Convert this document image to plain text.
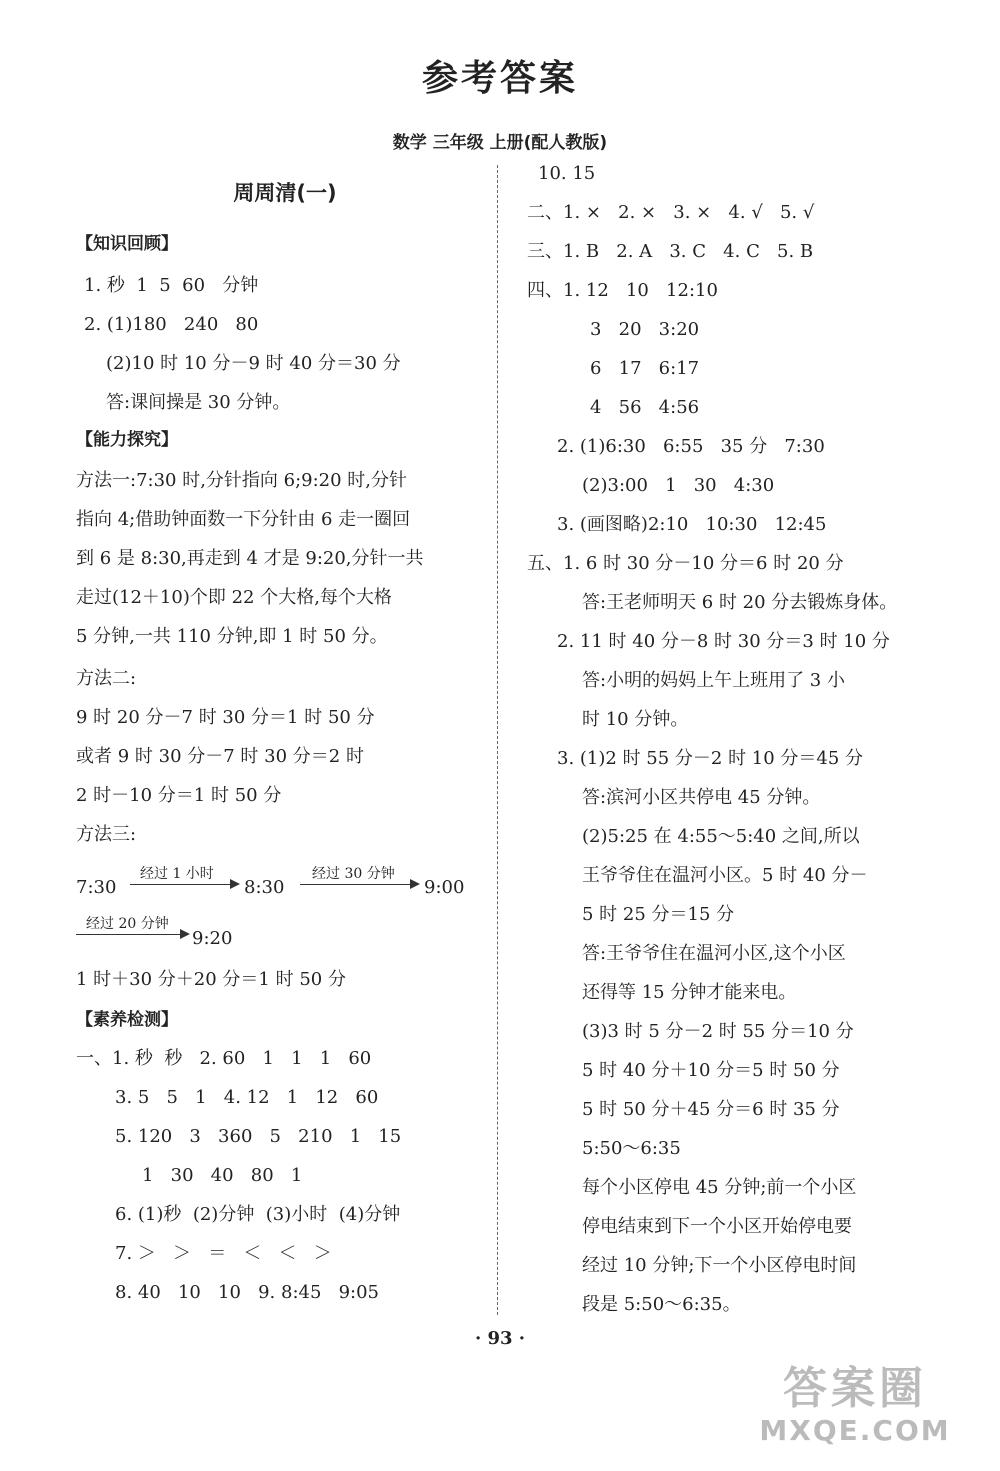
参考答案
数学 三年级 上册(配人教版)
周周清(一)
【知识回顾】
1. 秒  1  5  60   分钟
2. (1)180   240   80
(2)10 时 10 分－9 时 40 分＝30 分
答:课间操是 30 分钟。
【能力探究】
方法一:7:30 时,分针指向 6;9:20 时,分针
指向 4;借助钟面数一下分针由 6 走一圈回
到 6 是 8:30,再走到 4 才是 9:20,分针一共
走过(12＋10)个即 22 个大格,每个大格
5 分钟,一共 110 分钟,即 1 时 50 分。
方法二:
9 时 20 分－7 时 30 分＝1 时 50 分
或者 9 时 30 分－7 时 30 分＝2 时
2 时－10 分＝1 时 50 分
方法三:
7:30
经过 1 小时
8:30
经过 30 分钟
9:00
经过 20 分钟
9:20
1 时＋30 分＋20 分＝1 时 50 分
【素养检测】
一、1. 秒  秒   2. 60   1   1   1   60
3. 5   5   1   4. 12   1   12   60
5. 120   3   360   5   210   1   15
1   30   40   80   1
6. (1)秒  (2)分钟  (3)小时  (4)分钟
7. ＞   ＞   ＝   ＜   ＜   ＞
8. 40   10   10   9. 8:45   9:05
10. 15
二、1. ×   2. ×   3. ×   4. √   5. √
三、1. B   2. A   3. C   4. C   5. B
四、1. 12   10   12:10
3   20   3:20
6   17   6:17
4   56   4:56
2. (1)6:30   6:55   35 分   7:30
(2)3:00   1   30   4:30
3. (画图略)2:10   10:30   12:45
五、1. 6 时 30 分－10 分＝6 时 20 分
答:王老师明天 6 时 20 分去锻炼身体。
2. 11 时 40 分－8 时 30 分＝3 时 10 分
答:小明的妈妈上午上班用了 3 小
时 10 分钟。
3. (1)2 时 55 分－2 时 10 分＝45 分
答:滨河小区共停电 45 分钟。
(2)5:25 在 4:55～5:40 之间,所以
王爷爷住在温河小区。5 时 40 分－
5 时 25 分＝15 分
答:王爷爷住在温河小区,这个小区
还得等 15 分钟才能来电。
(3)3 时 5 分－2 时 55 分＝10 分
5 时 40 分＋10 分＝5 时 50 分
5 时 50 分＋45 分＝6 时 35 分
5:50～6:35
每个小区停电 45 分钟;前一个小区
停电结束到下一个小区开始停电要
经过 10 分钟;下一个小区停电时间
段是 5:50～6:35。
· 93 ·
答案圈
MXQE.COM
